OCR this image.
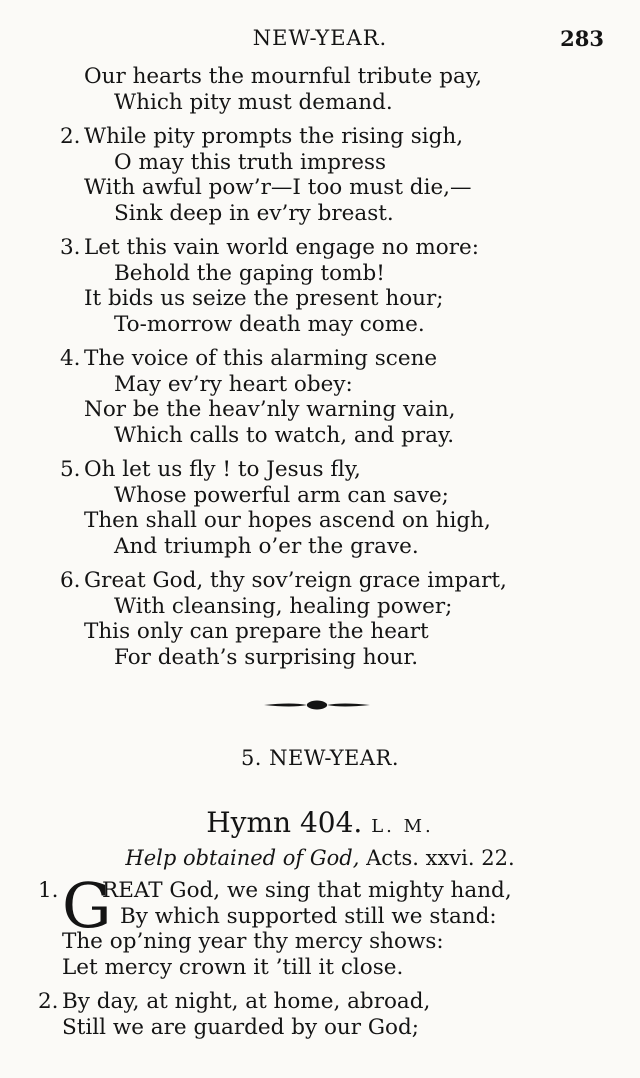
NEW-YEAR.	283
Our hearts the mournful tribute pay,
Which pity must demand.
2. While pity prompts the rising sigh,
O may this truth impress
With awful pow’r—I too must die,—
Sink deep in ev’ry breast.
3. Let this vain world engage no more:
Behold the gaping tomb!
It bids us seize the present hour;
To-morrow death may come.
4. The voice of this alarming scene
May ev’ry heart obey:
Nor be the heav’nly warning vain,
Which calls to watch, and pray.
5. Oh let us fly ! to Jesus fly,
Whose powerful arm can save;
Then shall our hopes ascend on high,
And triumph o’er the grave.
6. Great God, thy sov’reign grace impart,
With cleansing, healing power;
This only can prepare the heart
For death’s surprising hour.
5. NEW-YEAR.
Hymn 404. L. M.
Help obtained of God, Acts. xxvi. 22.
1. G
REAT God, we sing that mighty hand,
By which supported still we stand:
The op’ning year thy mercy shows:
Let mercy crown it ’till it close.
2. By day, at night, at home, abroad,
Still we are guarded by our God;
